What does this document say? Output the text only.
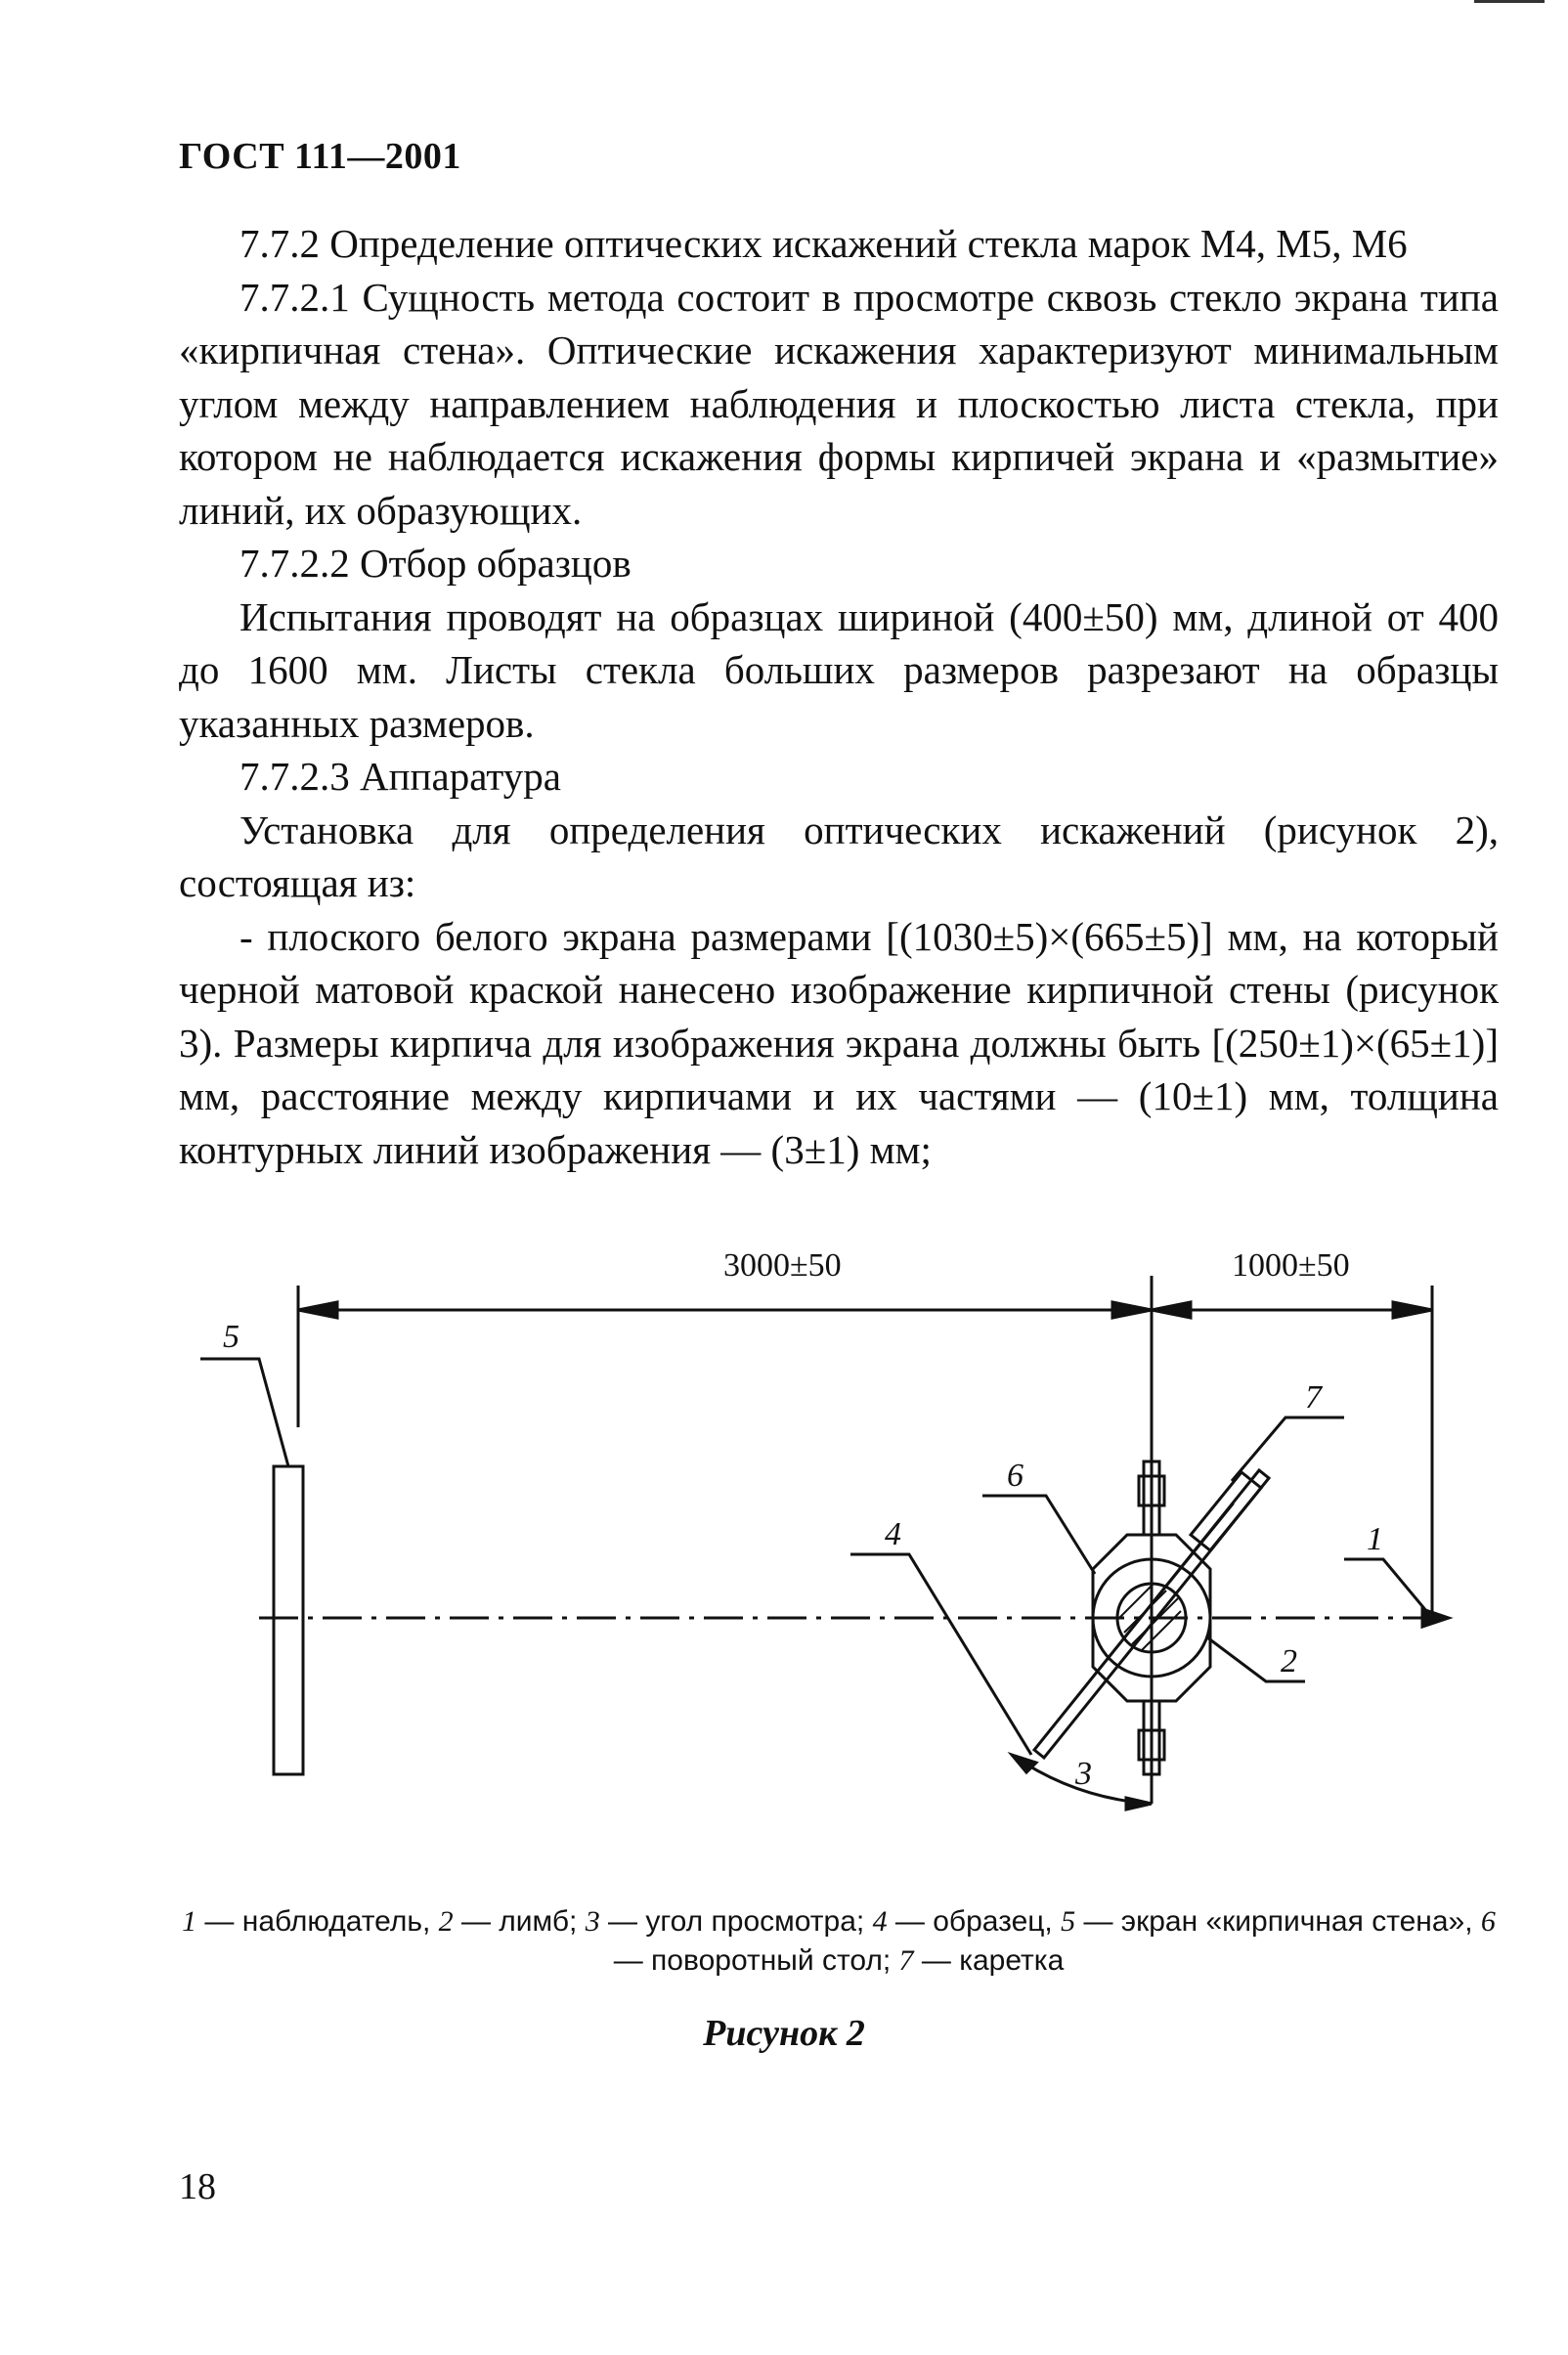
ГОСТ 111—2001

7.7.2 Определение оптических искажений стекла марок М4, М5, М6

7.7.2.1 Сущность метода состоит в просмотре сквозь стекло экрана типа «кирпичная стена». Оптические искажения характеризуют минимальным углом между направлением наблюдения и плоскостью листа стекла, при котором не наблюдается искажения формы кирпичей экрана и «размытие» линий, их образующих.

7.7.2.2 Отбор образцов

Испытания проводят на образцах шириной (400±50) мм, длиной от 400 до 1600 мм. Листы стекла больших размеров разрезают на образцы указанных размеров.

7.7.2.3 Аппаратура

Установка для определения оптических искажений (рисунок 2), состоящая из:

- плоского белого экрана размерами [(1030±5)×(665±5)] мм, на который черной матовой краской нанесено изображение кирпичной стены (рисунок 3). Размеры кирпича для изображения экрана должны быть [(250±1)×(65±1)] мм, расстояние между кирпичами и их частями — (10±1) мм, толщина контурных линий изображения — (3±1) мм;

3000±50	1000±50
5
6
7
4	1
2
3
1 — наблюдатель, 2 — лимб; 3 — угол просмотра; 4 — образец, 5 — экран «кирпичная стена», 6 — поворотный стол; 7 — каретка
Рисунок 2
18
